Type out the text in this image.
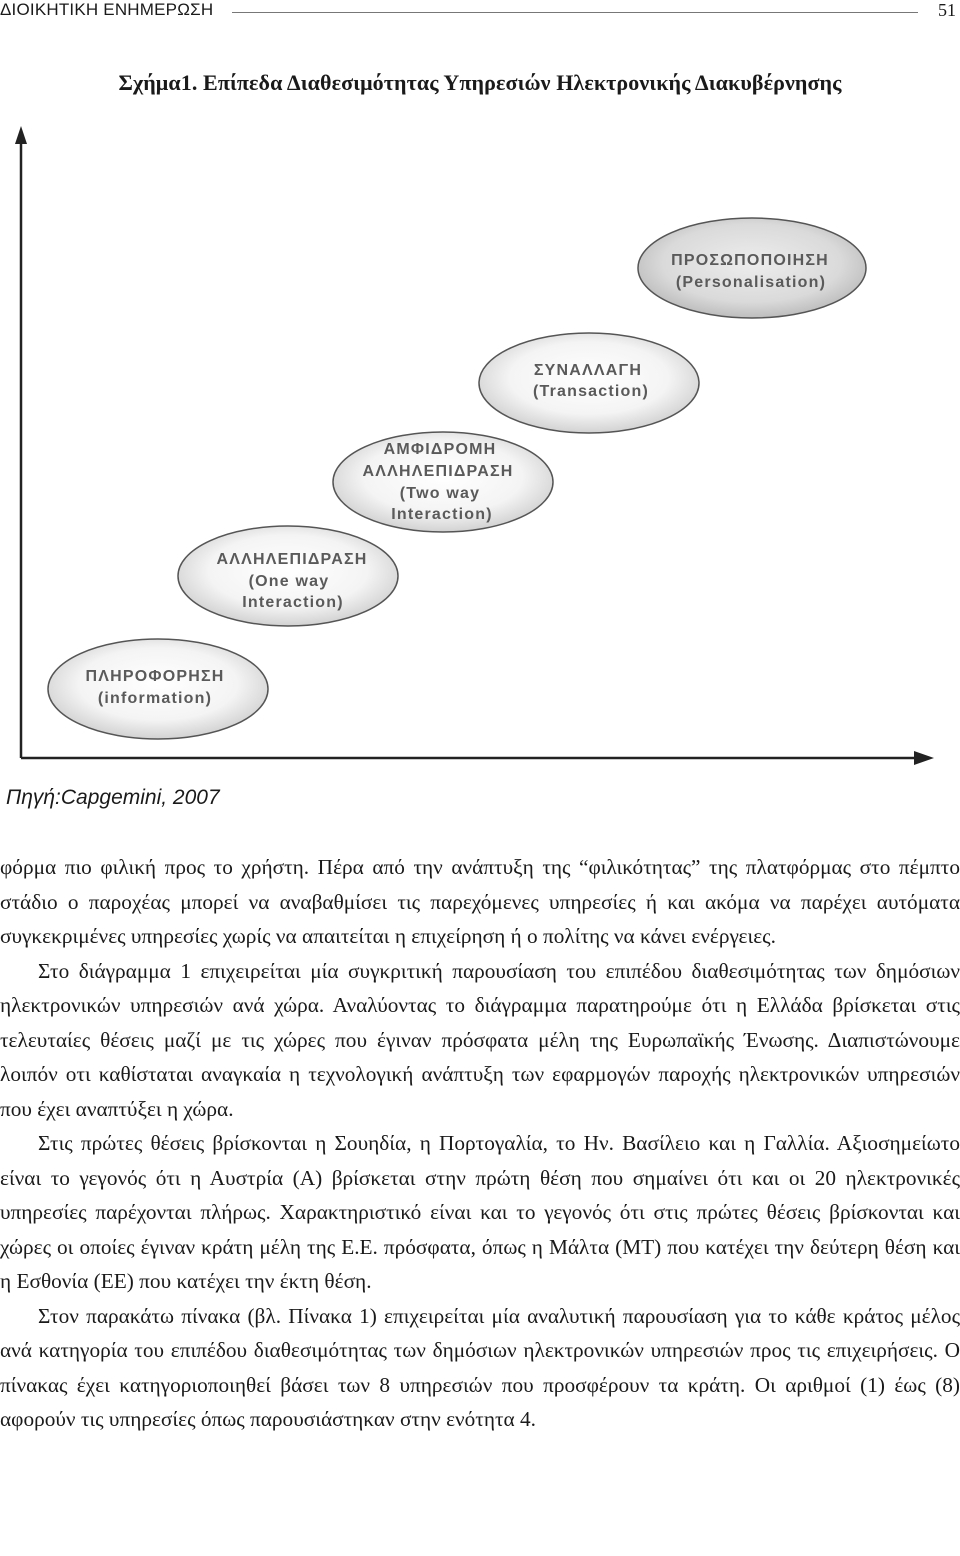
ΔΙΟΙΚΗΤΙΚΗ ΕΝΗΜΕΡΩΣΗ	51
Σχήμα1. Επίπεδα Διαθεσιμότητας Υπηρεσιών Ηλεκτρονικής Διακυβέρνησης
ΠΛΗΡΟΦΟΡΗΣΗ
(information)
ΑΛΛΗΛΕΠΙΔΡΑΣΗ
(One way
Interaction)
ΑΜΦΙΔΡΟΜΗ
ΑΛΛΗΛΕΠΙΔΡΑΣΗ
(Two way
Interaction)
ΣΥΝΑΛΛΑΓΗ
(Transaction)
ΠΡΟΣΩΠΟΠΟΙΗΣΗ
(Personalisation)
Πηγή:Capgemini, 2007

φόρμα πιο φιλική προς το χρήστη. Πέρα από την ανάπτυξη της “φιλικότητας” της πλατφόρμας στο πέμπτο στάδιο ο παροχέας μπορεί να αναβαθμίσει τις παρεχόμενες υπηρεσίες ή και ακόμα να παρέχει αυτόματα συγκεκριμένες υπηρεσίες χωρίς να απαιτείται η επιχείρηση ή ο πολίτης να κάνει ενέργειες.

Στο διάγραμμα 1 επιχειρείται μία συγκριτική παρουσίαση του επιπέδου διαθεσιμότητας των δημόσιων ηλεκτρονικών υπηρεσιών ανά χώρα. Αναλύοντας το διάγραμμα παρατηρούμε ότι η Ελλάδα βρίσκεται στις τελευταίες θέσεις μαζί με τις χώρες που έγιναν πρόσφατα μέλη της Ευρωπαϊκής Ένωσης. Διαπιστώνουμε λοιπόν οτι καθίσταται αναγκαία η τεχνολογική ανάπτυξη των εφαρμογών παροχής ηλεκτρονικών υπηρεσιών που έχει αναπτύξει η χώρα.

Στις πρώτες θέσεις βρίσκονται η Σουηδία, η Πορτογαλία, το Ην. Βασίλειο και η Γαλλία. Αξιοσημείωτο είναι το γεγονός ότι η Αυστρία (Α) βρίσκεται στην πρώτη θέση που σημαίνει ότι και οι 20 ηλεκτρονικές υπηρεσίες παρέχονται πλήρως. Χαρακτηριστικό είναι και το γεγονός ότι στις πρώτες θέσεις βρίσκονται και χώρες οι οποίες έγιναν κράτη μέλη της Ε.Ε. πρόσφατα, όπως η Μάλτα (ΜΤ) που κατέχει την δεύτερη θέση και η Εσθονία (ΕΕ) που κατέχει την έκτη θέση.

Στον παρακάτω πίνακα (βλ. Πίνακα 1) επιχειρείται μία αναλυτική παρουσίαση για το κάθε κράτος μέλος ανά κατηγορία του επιπέδου διαθεσιμότητας των δημόσιων ηλεκτρονικών υπηρεσιών προς τις επιχειρήσεις. Ο πίνακας έχει κατηγοριοποιηθεί βάσει των 8 υπηρεσιών που προσφέρουν τα κράτη. Οι αριθμοί (1) έως (8) αφορούν τις υπηρεσίες όπως παρουσιάστηκαν στην ενότητα 4.
